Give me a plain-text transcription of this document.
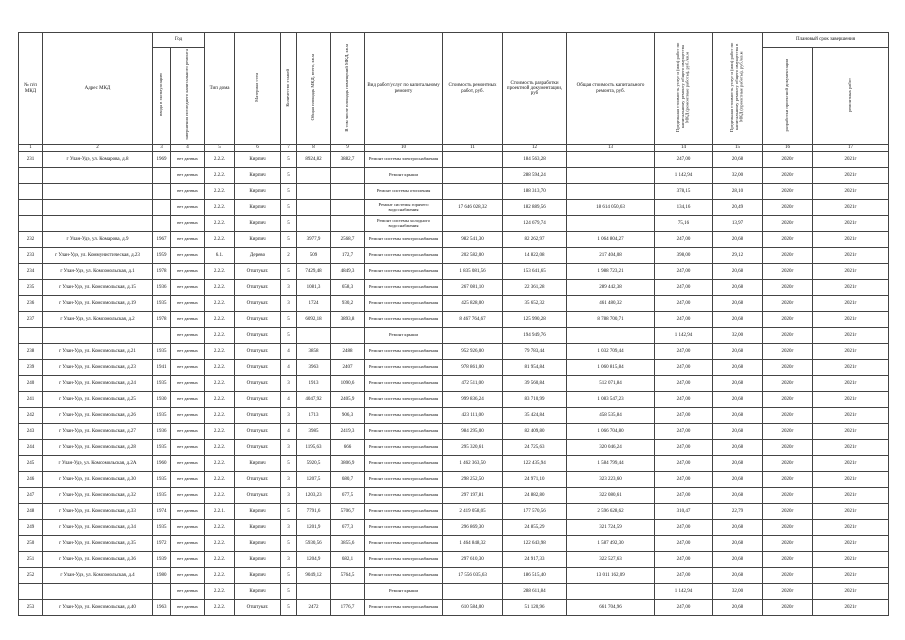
№ п/п МКД	Адрес МКД	Год		Тип дома	Материал стен	Количество этажей	Общая площадь МКД, всего, кв.м	В том числе площадь помещений МКД, кв.м	Вид работ/услуг по капитальному ремонту	Стоимость ремонтных работ, руб.	Стоимость разработки проектной документации, руб	Общая стоимость капитального ремонта, руб.	Предельная стоимость услуг и (или) работ по капитальному ремонту общего имущества МКД (ремонтные работы), руб./кв.м	Предельная стоимость услуг и (или) работ по капитальному ремонту общего имущества в МКД (проектные работы), руб./кв.м	Плановый срок завершения	
		ввода в эксплуатацию	завершения последнего капитального ремонта												разработки проектной документации	ремонтных работ
1	2	3	4	5	6	7	8	9	10	11	12	13	14	15	16	17
231	г Улан-Удэ, ул. Комарова, д.8	1969	нет данных	2.2.2.	Кирпич	5	8924,82	3882,7	Ремонт системы электроснабжения		184 563,28		247,00	20,68	2020г	2021г
			нет данных	2.2.2.	Кирпич	5			Ремонт крыши		288 594,24		1 142,94	32,00	2020г	2021г
			нет данных	2.2.2.	Кирпич	5			Ремонт системы отопления		188 313,70		378,15	28,10	2020г	2021г
			нет данных	2.2.2.	Кирпич	5			Ремонт системы горячего водоснабжения	17 646 028,32	182 889,56	18 614 050,63	134,16	20,49	2020г	2021г
			нет данных	2.2.2.	Кирпич	5			Ремонт системы холодного водоснабжения		124 679,74		75,16	13,97	2020г	2021г
232	г Улан-Удэ, ул. Комарова, д.9	1967	нет данных	2.2.2.	Кирпич	5	3977,9	2568,7	Ремонт системы электроснабжения	982 541,30	82 262,97	1 064 804,27	247,00	20,68	2020г	2021г
233	г Улан-Удэ, ул. Коммунистическая, д.23	1959	нет данных	6.1.	Дерево	2	509	172,7	Ремонт системы электроснабжения	202 582,00	14 822,08	217 404,08	398,00	29,12	2020г	2021г
234	г Улан-Удэ, ул. Комсомольская, д.1	1978	нет данных	2.2.2.	Отштукат.	5	7429,48	4849,3	Ремонт системы электроснабжения	1 835 081,56	153 641,65	1 988 723,21	247,00	20,68	2020г	2021г
235	г Улан-Удэ, ул. Комсомольская, д.15	1936	нет данных	2.2.2.	Отштукат.	3	1081,3	658,3	Ремонт системы электроснабжения	267 081,10	22 361,28	289 442,38	247,00	20,68	2020г	2021г
236	г Улан-Удэ, ул. Комсомольская, д.19	1935	нет данных	2.2.2.	Отштукат.	3	1724	930,2	Ремонт системы электроснабжения	425 828,00	35 652,32	461 480,32	247,00	20,68	2020г	2021г
237	г Улан-Удэ, ул. Комсомольская, д.2	1978	нет данных	2.2.2.	Отштукат.	5	6092,18	3893,8	Ремонт системы электроснабжения	8 467 764,67	125 990,28	8 788 700,71	247,00	20,68	2020г	2021г
			нет данных	2.2.2.	Отштукат.	5			Ремонт крыши		194 949,76		1 142,94	32,00	2020г	2021г
238	г Улан-Удэ, ул. Комсомольская, д.21	1935	нет данных	2.2.2.	Отштукат.	4	3858	2488	Ремонт системы электроснабжения	952 926,00	79 783,44	1 032 709,44	247,00	20,68	2020г	2021г
239	г Улан-Удэ, ул. Комсомольская, д.23	1941	нет данных	2.2.2.	Отштукат.	4	3963	2407	Ремонт системы электроснабжения	978 861,00	81 954,84	1 060 815,84	247,00	20,68	2020г	2021г
240	г Улан-Удэ, ул. Комсомольская, д.24	1935	нет данных	2.2.2.	Отштукат.	3	1913	1090,6	Ремонт системы электроснабжения	472 511,00	39 560,84	512 071,84	247,00	20,68	2020г	2021г
241	г Улан-Удэ, ул. Комсомольская, д.25	1930	нет данных	2.2.2.	Отштукат.	4	4047,92	2405,9	Ремонт системы электроснабжения	999 836,24	83 710,99	1 083 547,23	247,00	20,68	2020г	2021г
242	г Улан-Удэ, ул. Комсомольская, д.26	1935	нет данных	2.2.2.	Отштукат.	3	1713	906,3	Ремонт системы электроснабжения	423 111,00	35 424,84	458 535,84	247,00	20,68	2020г	2021г
243	г Улан-Удэ, ул. Комсомольская, д.27	1936	нет данных	2.2.2.	Отштукат.	4	3985	2419,3	Ремонт системы электроснабжения	984 295,00	82 409,80	1 066 704,80	247,00	20,68	2020г	2021г
244	г Улан-Удэ, ул. Комсомольская, д.28	1935	нет данных	2.2.2.	Отштукат.	3	1195,63	666	Ремонт системы электроснабжения	295 320,61	24 725,63	320 046,24	247,00	20,68	2020г	2021г
245	г Улан-Удэ, ул. Комсомольская, д.2А	1960	нет данных	2.2.2.	Кирпич	5	5920,5	3806,9	Ремонт системы электроснабжения	1 462 363,50	122 435,94	1 584 799,44	247,00	20,68	2020г	2021г
246	г Улан-Удэ, ул. Комсомольская, д.30	1935	нет данных	2.2.2.	Отштукат.	3	1207,5	680,7	Ремонт системы электроснабжения	298 252,50	24 971,10	323 223,60	247,00	20,68	2020г	2021г
247	г Улан-Удэ, ул. Комсомольская, д.32	1935	нет данных	2.2.2.	Отштукат.	3	1203,23	677,5	Ремонт системы электроснабжения	297 197,81	24 882,80	322 080,61	247,00	20,68	2020г	2021г
248	г Улан-Удэ, ул. Комсомольская, д.33	1974	нет данных	2.2.1.	Кирпич	5	7791,6	5706,7	Ремонт системы электроснабжения	2 419 058,05	177 570,56	2 596 628,62	310,47	22,79	2020г	2021г
249	г Улан-Удэ, ул. Комсомольская, д.34	1935	нет данных	2.2.2.	Кирпич	3	1201,9	677,3	Ремонт системы электроснабжения	296 869,30	24 855,29	321 724,59	247,00	20,68	2020г	2021г
250	г Улан-Удэ, ул. Комсомольская, д.35	1972	нет данных	2.2.2.	Кирпич	5	5930,56	3855,6	Ремонт системы электроснабжения	1 464 848,32	122 643,98	1 587 492,30	247,00	20,68	2020г	2021г
251	г Улан-Удэ, ул. Комсомольская, д.36	1939	нет данных	2.2.2.	Кирпич	3	1204,9	682,1	Ремонт системы электроснабжения	297 610,30	24 917,33	322 527,63	247,00	20,68	2020г	2021г
252	г Улан-Удэ, ул. Комсомольская, д.4	1980	нет данных	2.2.2.	Кирпич	5	9049,12	5764,5	Ремонт системы электроснабжения	17 556 035,63	186 515,40	13 011 162,09	247,00	20,68	2020г	2021г
			нет данных	2.2.2.	Кирпич	5			Ремонт крыши		288 611,84		1 142,94	32,00	2020г	2021г
253	г Улан-Удэ, ул. Комсомольская, д.40	1963	нет данных	2.2.2.	Отштукат.	5	2472	1776,7	Ремонт системы электроснабжения	610 584,00	51 120,96	661 704,96	247,00	20,68	2020г	2021г
